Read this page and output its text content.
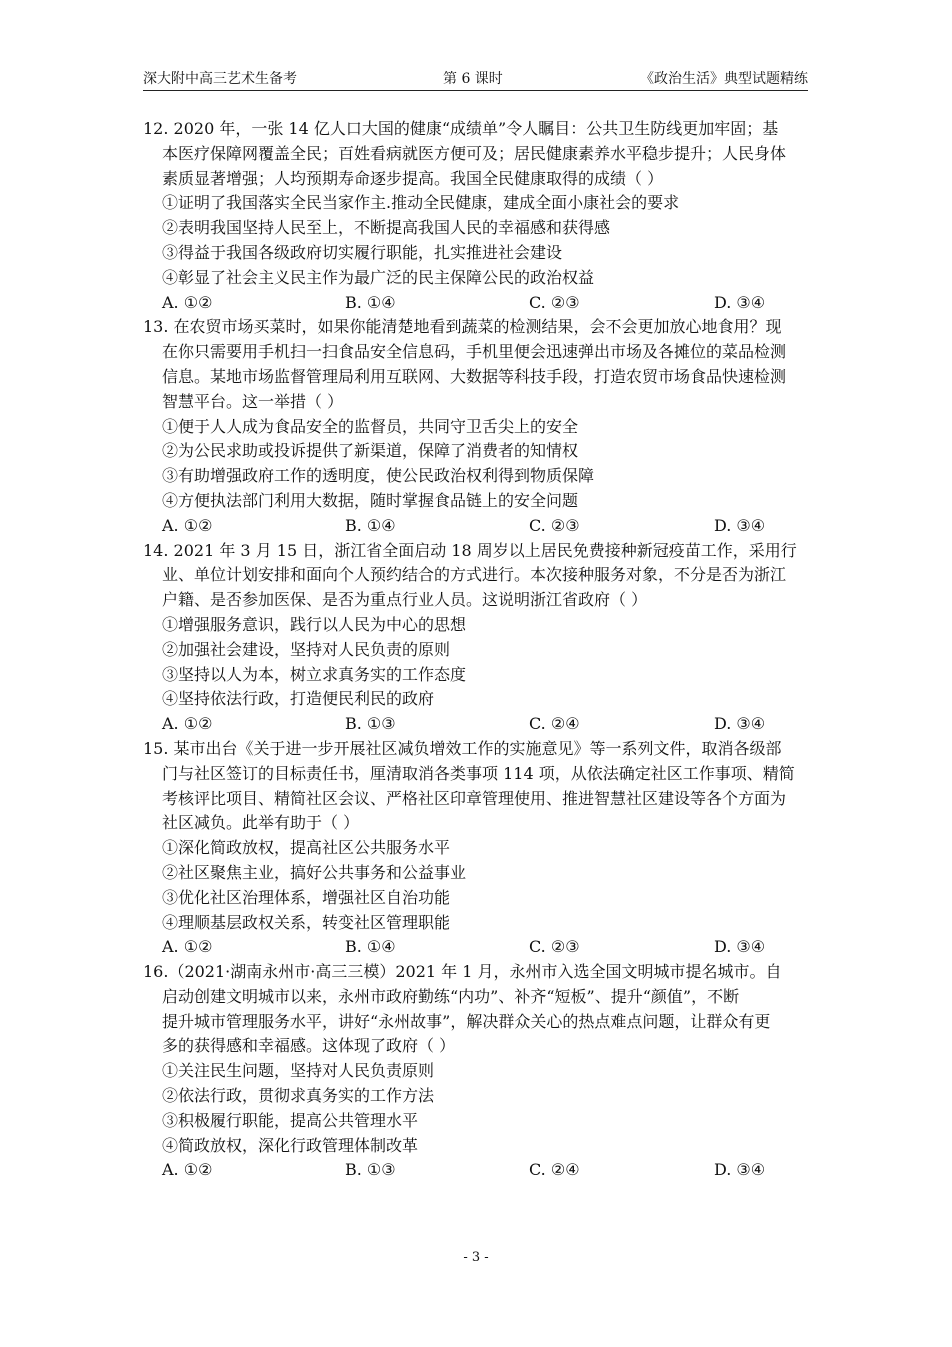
深大附中高三艺术生备考	第 6 课时	《政治生活》典型试题精练
12. 2020 年，一张 14 亿人口大国的健康“成绩单”令人瞩目：公共卫生防线更加牢固；基
本医疗保障网覆盖全民；百姓看病就医方便可及；居民健康素养水平稳步提升；人民身体
素质显著增强；人均预期寿命逐步提高。我国全民健康取得的成绩（ ）
①证明了我国落实全民当家作主.推动全民健康，建成全面小康社会的要求
②表明我国坚持人民至上，不断提高我国人民的幸福感和获得感
③得益于我国各级政府切实履行职能，扎实推进社会建设
④彰显了社会主义民主作为最广泛的民主保障公民的政治权益
A. ①②	B. ①④	C. ②③	D. ③④
13. 在农贸市场买菜时，如果你能清楚地看到蔬菜的检测结果，会不会更加放心地食用？现
在你只需要用手机扫一扫食品安全信息码，手机里便会迅速弹出市场及各摊位的菜品检测
信息。某地市场监督管理局利用互联网、大数据等科技手段，打造农贸市场食品快速检测
智慧平台。这一举措（ ）
①便于人人成为食品安全的监督员，共同守卫舌尖上的安全
②为公民求助或投诉提供了新渠道，保障了消费者的知情权
③有助增强政府工作的透明度，使公民政治权利得到物质保障
④方便执法部门利用大数据，随时掌握食品链上的安全问题
A. ①②	B. ①④	C. ②③	D. ③④
14. 2021 年 3 月 15 日，浙江省全面启动 18 周岁以上居民免费接种新冠疫苗工作，采用行
业、单位计划安排和面向个人预约结合的方式进行。本次接种服务对象，不分是否为浙江
户籍、是否参加医保、是否为重点行业人员。这说明浙江省政府（ ）
①增强服务意识，践行以人民为中心的思想
②加强社会建设，坚持对人民负责的原则
③坚持以人为本，树立求真务实的工作态度
④坚持依法行政，打造便民利民的政府
A. ①②	B. ①③	C. ②④	D. ③④
15. 某市出台《关于进一步开展社区减负增效工作的实施意见》等一系列文件，取消各级部
门与社区签订的目标责任书，厘清取消各类事项 114 项，从依法确定社区工作事项、精简
考核评比项目、精简社区会议、严格社区印章管理使用、推进智慧社区建设等各个方面为
社区减负。此举有助于（ ）
①深化简政放权，提高社区公共服务水平
②社区聚焦主业，搞好公共事务和公益事业
③优化社区治理体系，增强社区自治功能
④理顺基层政权关系，转变社区管理职能
A. ①②	B. ①④	C. ②③	D. ③④
16.（2021·湖南永州市·高三三模）2021 年 1 月，永州市入选全国文明城市提名城市。自
启动创建文明城市以来，永州市政府勤练“内功”、补齐“短板”、提升“颜值”，不断
提升城市管理服务水平，讲好“永州故事”，解决群众关心的热点难点问题，让群众有更
多的获得感和幸福感。这体现了政府（ ）
①关注民生问题，坚持对人民负责原则
②依法行政，贯彻求真务实的工作方法
③积极履行职能，提高公共管理水平
④简政放权，深化行政管理体制改革
A. ①②	B. ①③	C. ②④	D. ③④
- 3 -
